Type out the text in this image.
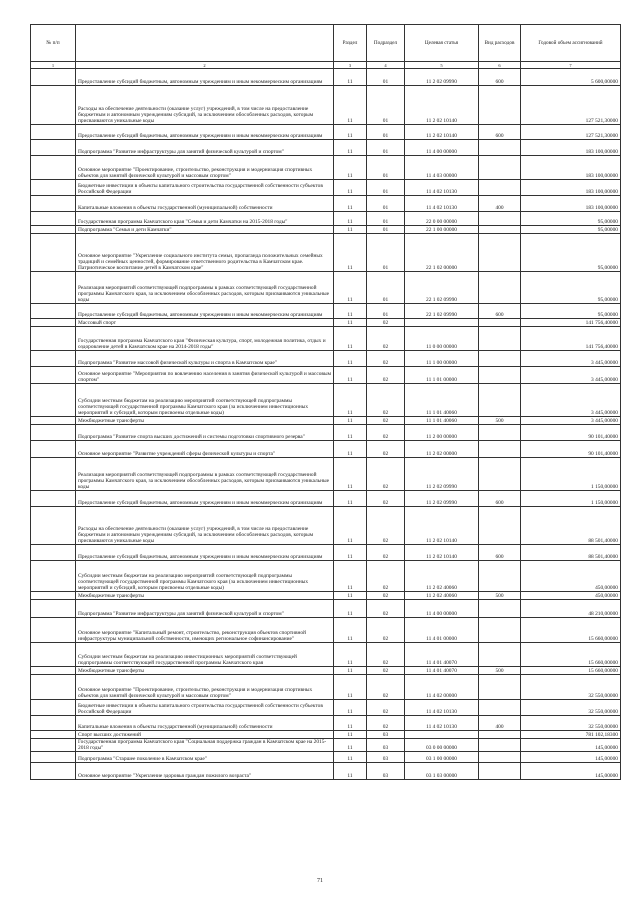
№ п/п		Раздел	Подраздел	Целевая статья	Вид расходов	Годовой объем ассигнований
1	2	3	4	5	6	7
	Предоставление субсидий бюджетным, автономным учреждениям и иным некоммерческим организациям	11	01	11 2 02 09990	600	5 600,00000
	Расходы на обеспечение деятельности (оказание услуг) учреждений, в том числе на предоставление бюджетным и автономным учреждениям субсидий, за исключением обособленных расходов, которым присваиваются уникальные коды	11	01	11 2 02 10140		127 521,30000
	Предоставление субсидий бюджетным, автономным учреждениям и иным некоммерческим организациям	11	01	11 2 02 10140	600	127 521,30000
	Подпрограмма "Развитие инфраструктуры для занятий физической культурой и спортом"	11	01	11 4 00 00000		183 100,00000
	Основное мероприятие "Проектирование, строительство, реконструкция и модернизация спортивных объектов для занятий физической культурой и массовым спортом"	11	01	11 4 03 00000		183 100,00000
	Бюджетные инвестиции в объекты капитального строительства государственной собственности субъектов Российской Федерации	11	01	11 4 02 10130		183 100,00000
	Капитальные вложения в объекты государственной (муниципальной) собственности	11	01	11 4 02 10130	400	183 100,00000
	Государственная программа Камчатского края "Семья и дети Камчатки на 2015-2018 годы"	11	01	22 0 00 00000		95,00000
	Подпрограмма "Семья и дети Камчатки"	11	01	22 1 00 00000		95,00000
	Основное мероприятие "Укрепление социального института семьи, пропаганда положительных семейных традиций и семейных ценностей, формирование ответственного родительства в Камчатском крае. Патриотическое воспитание детей в Камчатском крае"	11	01	22 1 02 00000		95,00000
	Реализация мероприятий соответствующей подпрограммы в рамках соответствующей государственной программы Камчатского края, за исключением обособленных расходов, которым присваиваются уникальные коды	11	01	22 1 02 09990		95,00000
	Предоставление субсидий бюджетным, автономным учреждениям и иным некоммерческим организациям	11	01	22 1 02 09990	600	95,00000
	Массовый спорт	11	02			141 756,40000
	Государственная программа Камчатского края "Физическая культура, спорт, молодежная политика, отдых и оздоровление детей в Камчатском крае на 2014-2018 годы"	11	02	11 0 00 00000		141 756,40000
	Подпрограмма "Развитие массовой физической культуры и спорта в Камчатском крае"	11	02	11 1 00 00000		3 445,00000
	Основное мероприятие "Мероприятия по вовлечению населения в занятия физической культурой и массовым спортом"	11	02	11 1 01 00000		3 445,00000
	Субсидии местным бюджетам на реализацию мероприятий соответствующей подпрограммы соответствующей государственной программы Камчатского края (за исключением инвестиционных мероприятий и субсидий, которым присвоены отдельные коды)	11	02	11 1 01 40060		3 445,00000
	Межбюджетные трансферты	11	02	11 1 01 40060	500	3 445,00000
	Подпрограмма "Развитие спорта высших достижений и системы подготовки спортивного резерва"	11	02	11 2 00 00000		90 101,40000
	Основное мероприятие "Развитие учреждений сферы физической культуры и спорта"	11	02	11 2 02 00000		90 101,40000
	Реализация мероприятий соответствующей подпрограммы в рамках соответствующей государственной программы Камчатского края, за исключением обособленных расходов, которым присваиваются уникальные коды	11	02	11 2 02 09990		1 150,00000
	Предоставление субсидий бюджетным, автономным учреждениям и иным некоммерческим организациям	11	02	11 2 02 09990	600	1 150,00000
	Расходы на обеспечение деятельности (оказание услуг) учреждений, в том числе на предоставление бюджетным и автономным учреждениям субсидий, за исключением обособленных расходов, которым присваиваются уникальные коды	11	02	11 2 02 10140		88 501,40000
	Предоставление субсидий бюджетным, автономным учреждениям и иным некоммерческим организациям	11	02	11 2 02 10140	600	88 501,40000
	Субсидии местным бюджетам на реализацию мероприятий соответствующей подпрограммы соответствующей государственной программы Камчатского края (за исключением инвестиционных мероприятий и субсидий, которым присвоены отдельные коды)	11	02	11 2 02 40060		450,00000
	Межбюджетные трансферты	11	02	11 2 02 40060	500	450,00000
	Подпрограмма "Развитие инфраструктуры для занятий физической культурой и спортом"	11	02	11 4 00 00000		48 210,00000
	Основное мероприятие "Капитальный ремонт, строительство, реконструкция объектов спортивной инфраструктуры муниципальной собственности, имеющих региональное софинансирование"	11	02	11 4 01 00000		15 660,00000
	Субсидии местным бюджетам на реализацию инвестиционных мероприятий соответствующей подпрограммы соответствующей государственной программы Камчатского края	11	02	11 4 01 40070		15 660,00000
	Межбюджетные трансферты	11	02	11 4 01 40070	500	15 660,00000
	Основное мероприятие "Проектирование, строительство, реконструкция и модернизация спортивных объектов для занятий физической культурой и массовым спортом"	11	02	11 4 02 00000		32 550,00000
	Бюджетные инвестиции в объекты капитального строительства государственной собственности субъектов Российской Федерации	11	02	11 4 02 10130		32 550,00000
	Капитальные вложения в объекты государственной (муниципальной) собственности	11	02	11 4 02 10130	400	32 550,00000
	Спорт высших достижений	11	03			781 102,18300
	Государственная программа Камчатского края "Социальная поддержка граждан в Камчатском крае на 2015-2018 годы"	11	03	03 0 00 00000		145,00000
	Подпрограмма "Старшее поколение в Камчатском крае"	11	03	03 1 00 00000		145,00000
	Основное мероприятие "Укрепление здоровья граждан пожилого возраста"	11	03	03 1 03 00000		145,00000
71
